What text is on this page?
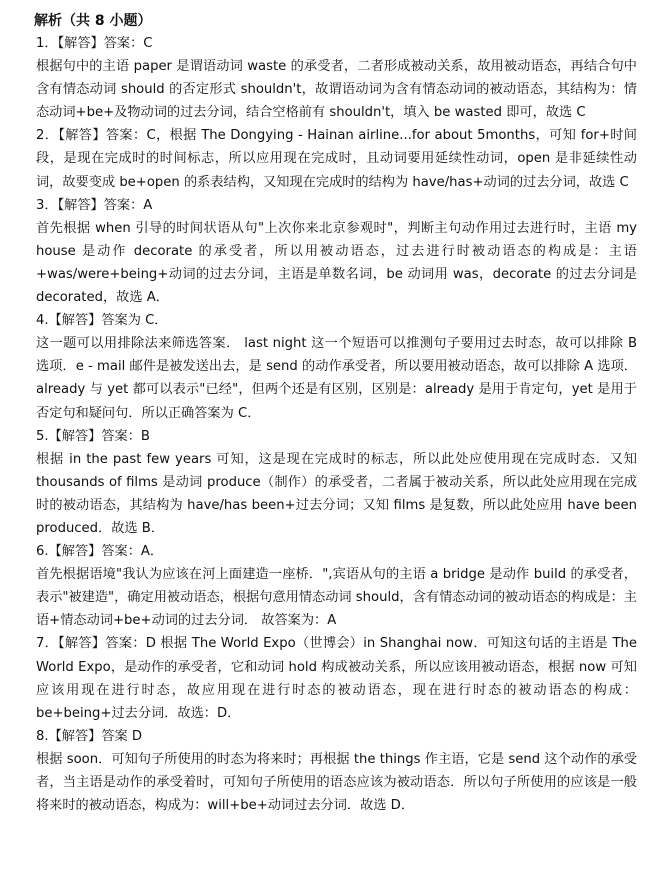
解析（共 8 小题）
1．【解答】答案：C
根据句中的主语 paper 是谓语动词 waste 的承受者，二者形成被动关系，故用被动语态，再结合句中含有情态动词 should 的否定形式 shouldn't，故谓语动词为含有情态动词的被动语态，其结构为：情态动词+be+及物动词的过去分词，结合空格前有 shouldn't，填入 be wasted 即可，故选 C
2．【解答】答案：C，根据 The Dongying - Hainan airline...for about 5months，可知 for+时间段，是现在完成时的时间标志，所以应用现在完成时，且动词要用延续性动词，open 是非延续性动词，故要变成 be+open 的系表结构，又知现在完成时的结构为 have/has+动词的过去分词，故选 C
3．【解答】答案：A
首先根据 when 引导的时间状语从句"上次你来北京参观时"，判断主句动作用过去进行时，主语 my house 是动作 decorate 的承受者，所以用被动语态，过去进行时被动语态的构成是：主语+was/were+being+动词的过去分词，主语是单数名词，be 动词用 was，decorate 的过去分词是 decorated，故选 A．
4.【解答】答案为 C．
这一题可以用排除法来筛选答案． last night 这一个短语可以推测句子要用过去时态，故可以排除 B 选项．e - mail 邮件是被发送出去，是 send 的动作承受者，所以要用被动语态，故可以排除 A 选项．already 与 yet 都可以表示"已经"，但两个还是有区别，区别是：already 是用于肯定句，yet 是用于否定句和疑问句．所以正确答案为 C．
5.【解答】答案：B
根据 in the past few years 可知，这是现在完成时的标志，所以此处应使用现在完成时态．又知 thousands of films 是动词 produce（制作）的承受者，二者属于被动关系，所以此处应用现在完成时的被动语态，其结构为 have/has been+过去分词；又知 films 是复数，所以此处应用 have been produced．故选 B．
6.【解答】答案：A．
首先根据语境"我认为应该在河上面建造一座桥．",宾语从句的主语 a bridge 是动作 build 的承受者，表示"被建造"，确定用被动语态，根据句意用情态动词 should，含有情态动词的被动语态的构成是：主语+情态动词+be+动词的过去分词． 故答案为：A
7．【解答】答案：D 根据 The World Expo（世博会）in Shanghai now．可知这句话的主语是 The World Expo，是动作的承受者，它和动词 hold 构成被动关系，所以应该用被动语态，根据 now 可知应该用现在进行时态，故应用现在进行时态的被动语态，现在进行时态的被动语态的构成：be+being+过去分词．故选：D．
8.【解答】答案 D
根据 soon．可知句子所使用的时态为将来时；再根据 the things 作主语，它是 send 这个动作的承受者，当主语是动作的承受着时，可知句子所使用的语态应该为被动语态．所以句子所使用的应该是一般将来时的被动语态，构成为：will+be+动词过去分词．故选 D．
